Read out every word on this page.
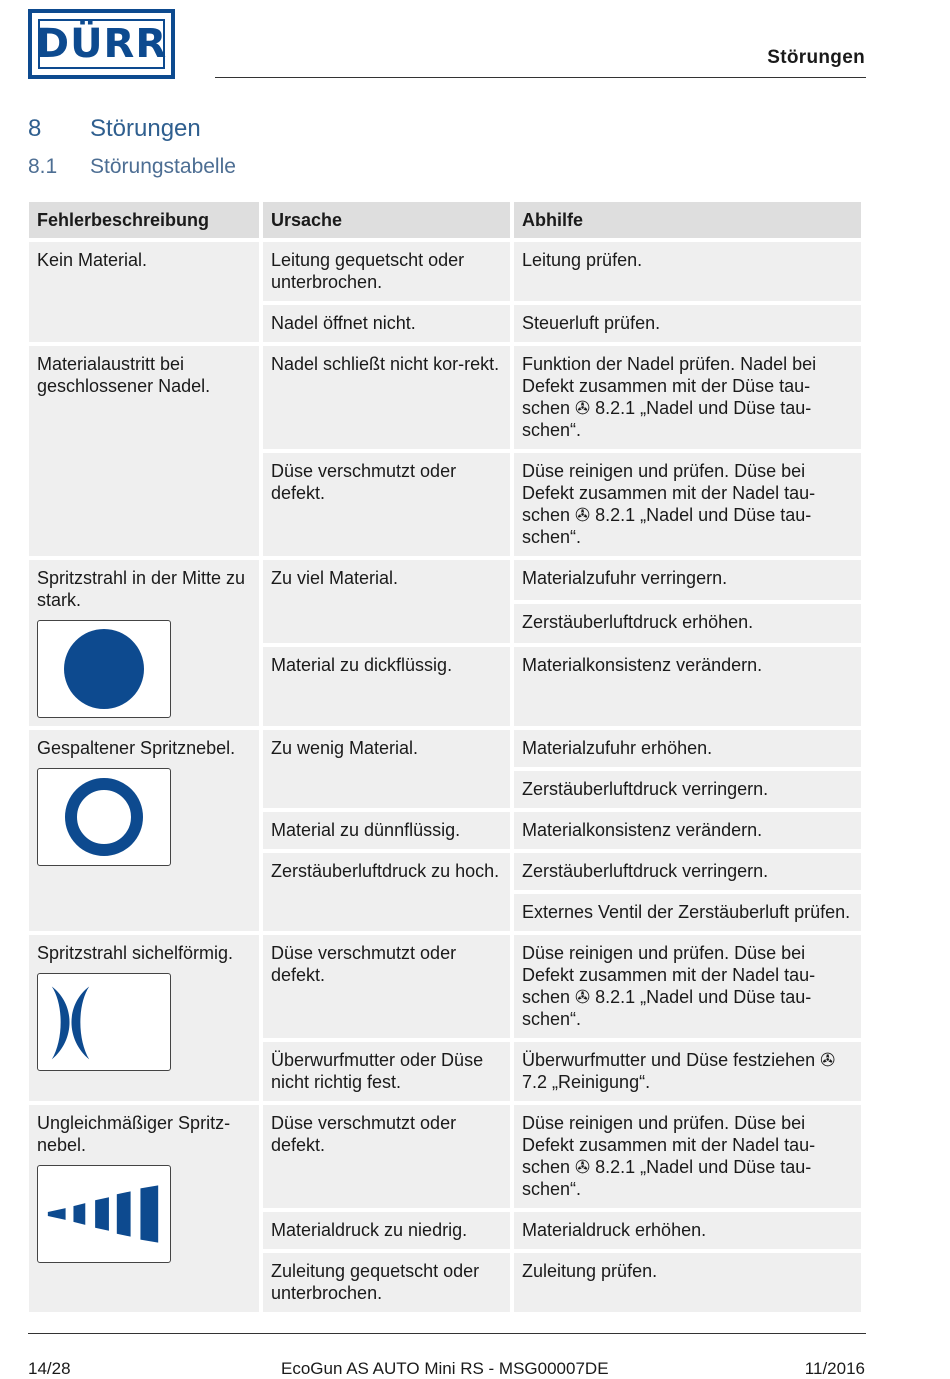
DÜRR	Störungen
8 Störungen
8.1 Störungstabelle
Fehlerbeschreibung	Ursache	Abhilfe

Kein Material.	Leitung gequetscht oder unterbrochen.	Leitung prüfen.
	Nadel öffnet nicht.	Steuerluft prüfen.

Materialaustritt bei geschlossener Nadel.	Nadel schließt nicht kor-rekt.	Funktion der Nadel prüfen. Nadel bei Defekt zusammen mit der Düse tau-schen ✇ 8.2.1 „Nadel und Düse tau-schen“.
	Düse verschmutzt oder defekt.	Düse reinigen und prüfen. Düse bei Defekt zusammen mit der Nadel tau-schen ✇ 8.2.1 „Nadel und Düse tau-schen“.

Spritzstrahl in der Mitte zu stark.	Zu viel Material.	Materialzufuhr verringern.
		Zerstäuberluftdruck erhöhen.
	Material zu dickflüssig.	Materialkonsistenz verändern.

Gespaltener Spritznebel.	Zu wenig Material.	Materialzufuhr erhöhen.
		Zerstäuberluftdruck verringern.
	Material zu dünnflüssig.	Materialkonsistenz verändern.
	Zerstäuberluftdruck zu hoch.	Zerstäuberluftdruck verringern.
		Externes Ventil der Zerstäuberluft prüfen.

Spritzstrahl sichelförmig.	Düse verschmutzt oder defekt.	Düse reinigen und prüfen. Düse bei Defekt zusammen mit der Nadel tau-schen ✇ 8.2.1 „Nadel und Düse tau-schen“.
	Überwurfmutter oder Düse nicht richtig fest.	Überwurfmutter und Düse festziehen ✇ 7.2 „Reinigung“.

Ungleichmäßiger Spritz-nebel.	Düse verschmutzt oder defekt.	Düse reinigen und prüfen. Düse bei Defekt zusammen mit der Nadel tau-schen ✇ 8.2.1 „Nadel und Düse tau-schen“.
	Materialdruck zu niedrig.	Materialdruck erhöhen.
	Zuleitung gequetscht oder unterbrochen.	Zuleitung prüfen.
14/28	EcoGun AS AUTO Mini RS - MSG00007DE	11/2016
